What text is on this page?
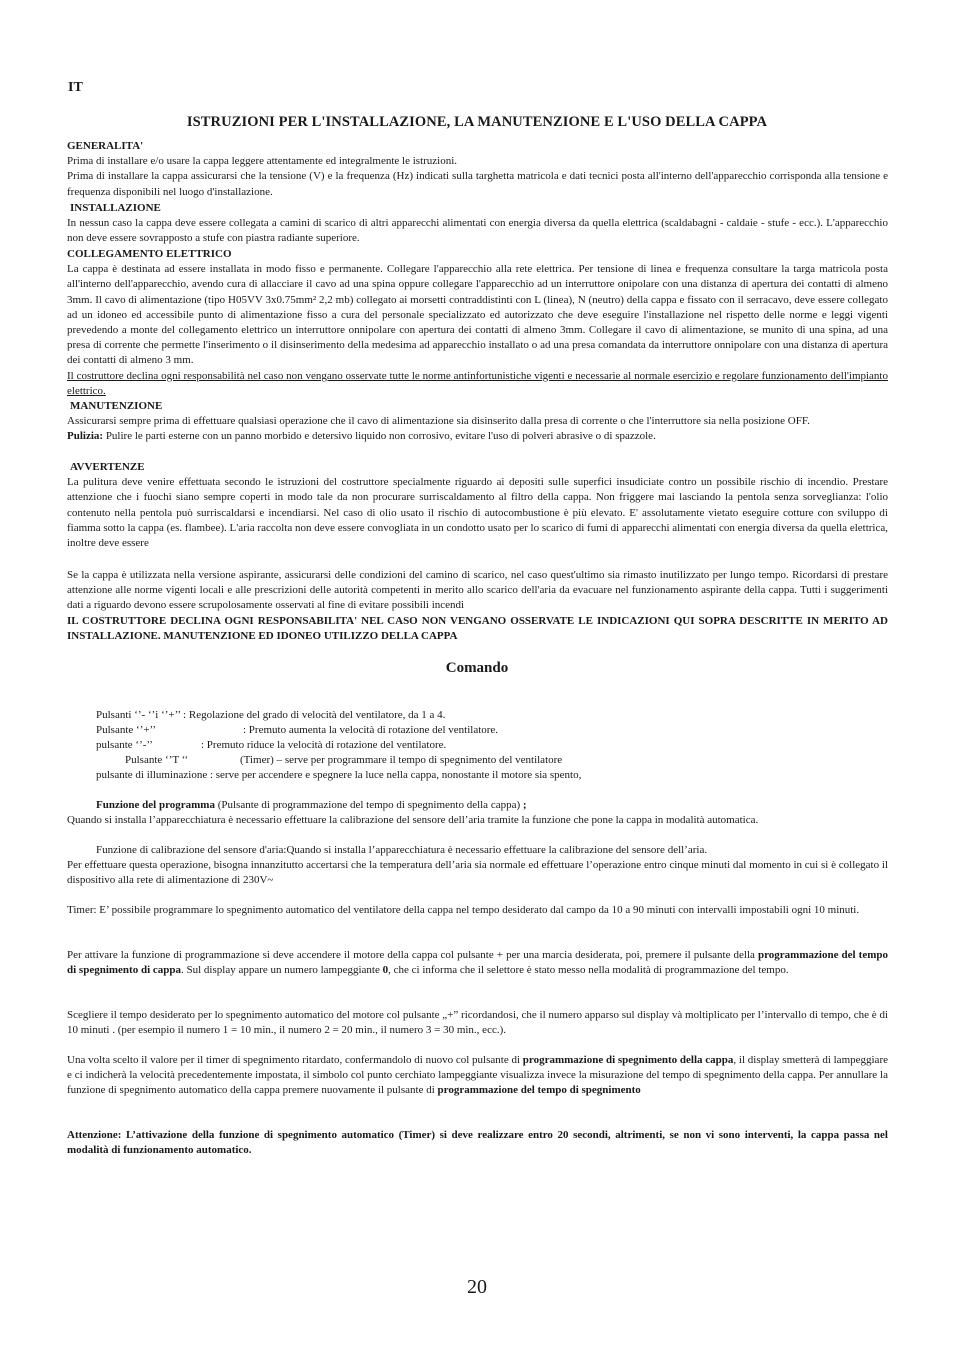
IT
ISTRUZIONI PER L'INSTALLAZIONE, LA MANUTENZIONE E L'USO DELLA CAPPA
GENERALITA'

Prima di installare e/o usare la cappa leggere attentamente ed integralmente le istruzioni.

Prima di installare la cappa assicurarsi che la tensione (V) e la frequenza (Hz) indicati sulla targhetta matricola e dati tecnici posta all'interno dell'apparecchio corrisponda alla tensione e frequenza disponibili nel luogo d'installazione.

INSTALLAZIONE

In nessun caso la cappa deve essere collegata a camini di scarico di altri apparecchi alimentati con energia diversa da quella elettrica (scaldabagni - caldaie - stufe - ecc.). L'apparecchio non deve essere sovrapposto a stufe con piastra radiante superiore.

COLLEGAMENTO ELETTRICO

La cappa è destinata ad essere installata in modo fisso e permanente. Collegare l'apparecchio alla rete elettrica. Per tensione di linea e frequenza consultare la targa matricola posta all'interno dell'apparecchio, avendo cura di allacciare il cavo ad una spina oppure collegare l'apparecchio ad un interruttore onipolare con una distanza di apertura dei contatti di almeno 3mm. Il cavo di alimentazione (tipo H05VV 3x0.75mm² 2,2 mb) collegato ai morsetti contraddistinti con L (linea), N (neutro) della cappa e fissato con il serracavo, deve essere collegato ad un idoneo ed accessibile punto di alimentazione fisso a cura del personale specializzato ed autorizzato che deve eseguire l'installazione nel rispetto delle norme e leggi vigenti prevedendo a monte del collegamento elettrico un interruttore onnipolare con apertura dei contatti di almeno 3mm. Collegare il cavo di alimentazione, se munito di una spina, ad una presa di corrente che permette l'inserimento o il disinserimento della medesima ad apparecchio installato o ad una presa comandata da interruttore onnipolare con una distanza di apertura dei contatti di almeno 3 mm.

Il costruttore declina ogni responsabilità nel caso non vengano osservate tutte le norme antinfortunistiche vigenti e necessarie al normale esercizio e regolare funzionamento dell'impianto elettrico.

MANUTENZIONE

Assicurarsi sempre prima di effettuare qualsiasi operazione che il cavo di alimentazione sia disinserito dalla presa di corrente o che l'interruttore sia nella posizione OFF.

Pulizia: Pulire le parti esterne con un panno morbido e detersivo liquido non corrosivo, evitare l'uso di polveri abrasive o di spazzole.

AVVERTENZE

La pulitura deve venire effettuata secondo le istruzioni del costruttore specialmente riguardo ai depositi sulle superfici insudiciate contro un possibile rischio di incendio. Prestare attenzione che i fuochi siano sempre coperti in modo tale da non procurare surriscaldamento al filtro della cappa. Non friggere mai lasciando la pentola senza sorveglianza: l'olio contenuto nella pentola può surriscaldarsi e incendiarsi. Nel caso di olio usato il rischio di autocombustione è più elevato. E' assolutamente vietato eseguire cotture con sviluppo di fiamma sotto la cappa (es. flambee). L'aria raccolta non deve essere convogliata in un condotto usato per lo scarico di fumi di apparecchi alimentati con energia diversa da quella elettrica, inoltre deve essere

Se la cappa è utilizzata nella versione aspirante, assicurarsi delle condizioni del camino di scarico, nel caso quest'ultimo sia rimasto inutilizzato per lungo tempo. Ricordarsi di prestare attenzione alle norme vigenti locali e alle prescrizioni delle autorità competenti in merito allo scarico dell'aria da evacuare nel funzionamento aspirante della cappa. Tutti i suggerimenti dati a riguardo devono essere scrupolosamente osservati al fine di evitare possibili incendi

IL COSTRUTTORE DECLINA OGNI RESPONSABILITA' NEL CASO NON VENGANO OSSERVATE LE INDICAZIONI QUI SOPRA DESCRITTE IN MERITO AD INSTALLAZIONE. MANUTENZIONE ED IDONEO UTILIZZO DELLA CAPPA

Comando
Pulsanti ‘’- ‘’i ‘’+’’ : Regolazione del grado di velocità del ventilatore, da 1 a 4.
Pulsante ‘’+’’	: Premuto aumenta la velocità di rotazione del ventilatore.
pulsante ‘’-’’	: Premuto riduce la velocità di rotazione del ventilatore.
Pulsante ‘’T ‘‘	(Timer) – serve per programmare il tempo di spegnimento del ventilatore
pulsante di illuminazione : serve per accendere e spegnere la luce nella cappa, nonostante il motore sia spento,

Funzione del programma (Pulsante di programmazione del tempo di spegnimento della cappa) ;

Quando si installa l’apparecchiatura è necessario effettuare la calibrazione del sensore dell’aria tramite la funzione che pone la cappa in modalità automatica.

Funzione di calibrazione del sensore d'aria:Quando si installa l’apparecchiatura è necessario effettuare la calibrazione del sensore dell’aria.

Per effettuare questa operazione, bisogna innanzitutto accertarsi che la temperatura dell’aria sia normale ed effettuare l’operazione entro cinque minuti dal momento in cui si è collegato il dispositivo alla rete di alimentazione di 230V~

Timer: E’ possibile programmare lo spegnimento automatico del ventilatore della cappa nel tempo desiderato dal campo da 10 a 90 minuti con intervalli impostabili ogni 10 minuti.

Per attivare la funzione di programmazione si deve accendere il motore della cappa col pulsante + per una marcia desiderata, poi, premere il pulsante della programmazione del tempo di spegnimento di cappa. Sul display appare un numero lampeggiante 0, che ci informa che il selettore è stato messo nella modalità di programmazione del tempo.

Scegliere il tempo desiderato per lo spegnimento automatico del motore col pulsante „+” ricordandosi, che il numero apparso sul display và moltiplicato per l’intervallo di tempo, che è di 10 minuti . (per esempio il numero 1 = 10 min., il numero 2 = 20 min., il numero 3 = 30 min., ecc.).

Una volta scelto il valore per il timer di spegnimento ritardato, confermandolo di nuovo col pulsante di programmazione di spegnimento della cappa, il display smetterà di lampeggiare e ci indicherà la velocità precedentemente impostata, il simbolo col punto cerchiato lampeggiante visualizza invece la misurazione del tempo di spegnimento della cappa. Per annullare la funzione di spegnimento automatico della cappa premere nuovamente il pulsante di programmazione del tempo di spegnimento

Attenzione: L’attivazione della funzione di spegnimento automatico (Timer) si deve realizzare entro 20 secondi, altrimenti, se non vi sono interventi, la cappa passa nel modalità di funzionamento automatico.

20
